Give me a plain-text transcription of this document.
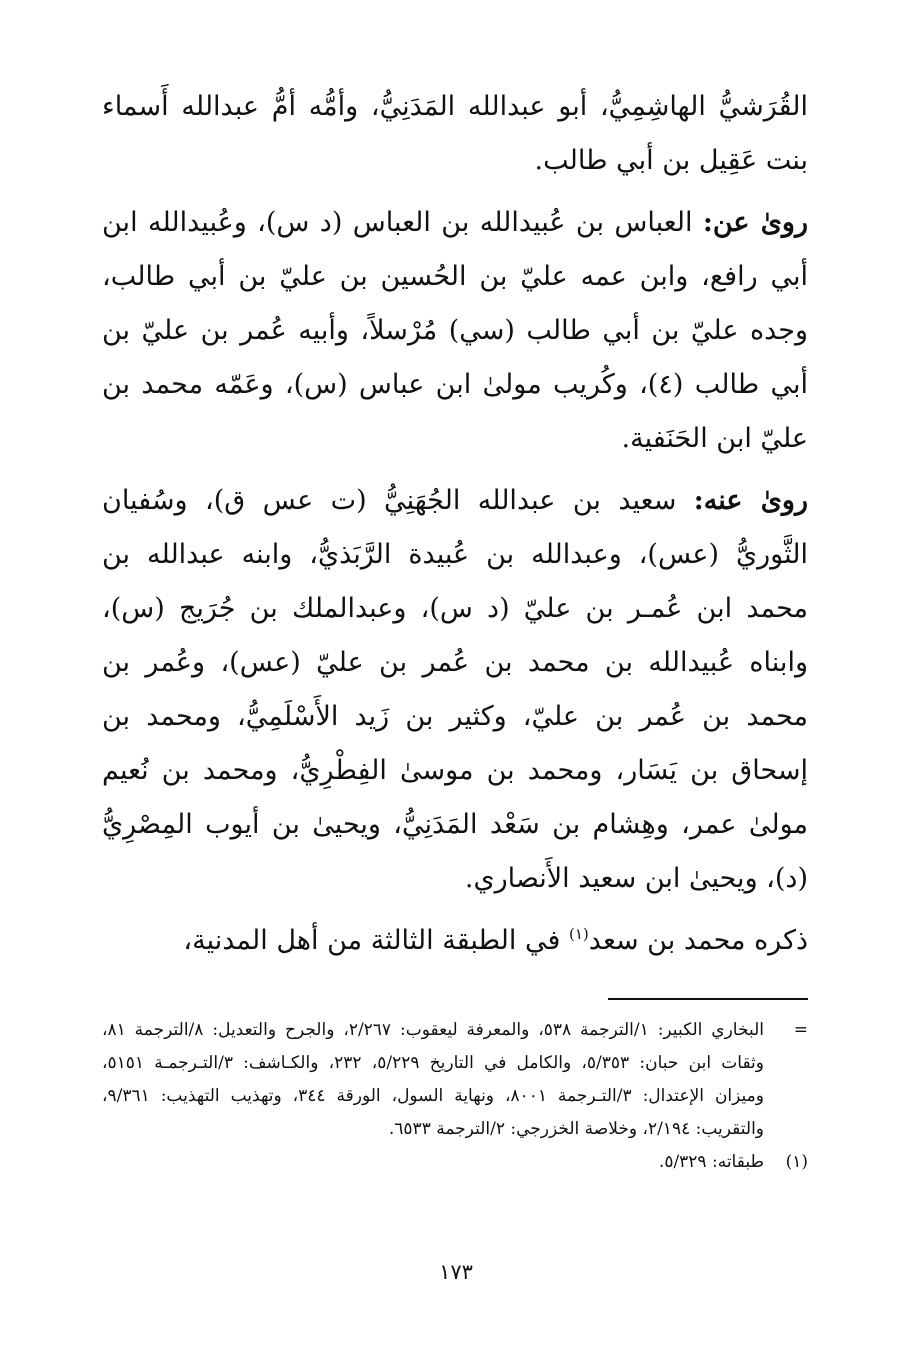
القُرَشيُّ الهاشِمِيُّ، أبو عبدالله المَدَنِيُّ، وأمُّه أمُّ عبدالله أَسماء بنت عَقِيل بن أبي طالب.

روىٰ عن: العباس بن عُبيدالله بن العباس (د س)، وعُبيدالله ابن أبي رافع، وابن عمه عليّ بن الحُسين بن عليّ بن أبي طالب، وجده عليّ بن أبي طالب (سي) مُرْسلاً، وأبيه عُمر بن عليّ بن أبي طالب (٤)، وكُريب مولىٰ ابن عباس (س)، وعَمّه محمد بن عليّ ابن الحَنَفية.

روىٰ عنه: سعيد بن عبدالله الجُهَنِيُّ (ت عس ق)، وسُفيان الثَّوريُّ (عس)، وعبدالله بن عُبيدة الرَّبَذيُّ، وابنه عبدالله بن محمد ابن عُمـر بن عليّ (د س)، وعبدالملك بن جُرَيج (س)، وابناه عُبيدالله بن محمد بن عُمر بن عليّ (عس)، وعُمر بن محمد بن عُمر بن عليّ، وكثير بن زَيد الأَسْلَمِيُّ، ومحمد بن إسحاق بن يَسَار، ومحمد بن موسىٰ الفِطْرِيُّ، ومحمد بن نُعيم مولىٰ عمر، وهِشام بن سَعْد المَدَنِيُّ، ويحيىٰ بن أيوب المِصْرِيُّ (د)، ويحيىٰ ابن سعيد الأَنصاري.

ذكره محمد بن سعد$^{(١)}$ في الطبقة الثالثة من أهل المدنية،

=
البخاري الكبير: ١/الترجمة ٥٣٨، والمعرفة ليعقوب: ٢/٢٦٧، والجرح والتعديل: ٨/الترجمة ٨١، وثقات ابن حبان: ٥/٣٥٣، والكامل في التاريخ ٥/٢٢٩، ٢٣٢، والكـاشف: ٣/التـرجمـة ٥١٥١، وميزان الإعتدال: ٣/التـرجمة ٨٠٠١، ونهاية السول، الورقة ٣٤٤، وتهذيب التهذيب: ٩/٣٦١، والتقريب: ٢/١٩٤، وخلاصة الخزرجي: ٢/الترجمة ٦٥٣٣.
(١)
طبقاته: ٥/٣٢٩.
١٧٣
